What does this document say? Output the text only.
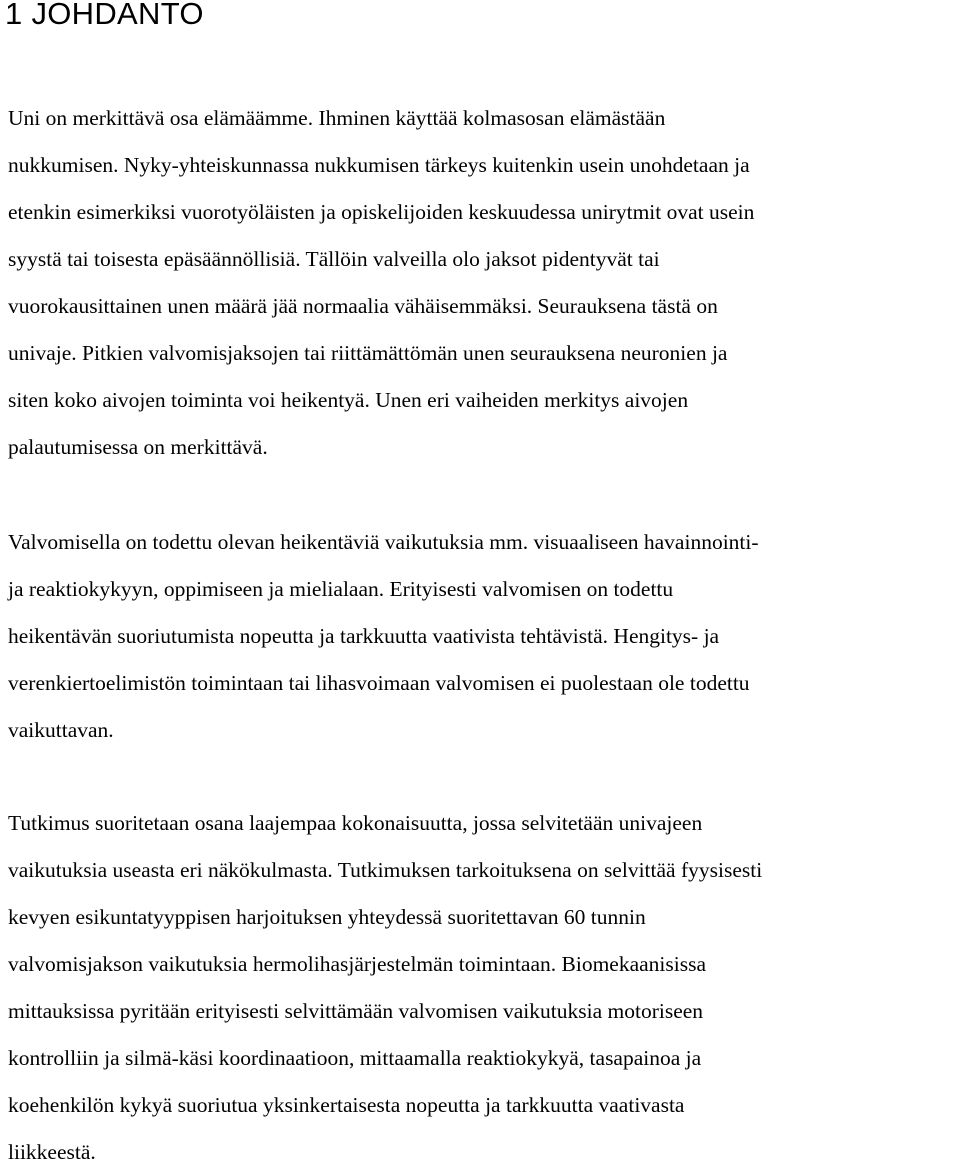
1 JOHDANTO
Uni on merkittävä osa elämäämme. Ihminen käyttää kolmasosan elämästään
nukkumisen. Nyky-yhteiskunnassa nukkumisen tärkeys kuitenkin usein unohdetaan ja
etenkin esimerkiksi vuorotyöläisten ja opiskelijoiden keskuudessa unirytmit ovat usein
syystä tai toisesta epäsäännöllisiä. Tällöin valveilla olo jaksot pidentyvät tai
vuorokausittainen unen määrä jää normaalia vähäisemmäksi. Seurauksena tästä on
univaje. Pitkien valvomisjaksojen tai riittämättömän unen seurauksena neuronien ja
siten koko aivojen toiminta voi heikentyä. Unen eri vaiheiden merkitys aivojen
palautumisessa on merkittävä.
Valvomisella on todettu olevan heikentäviä vaikutuksia mm. visuaaliseen havainnointi-
ja reaktiokykyyn, oppimiseen ja mielialaan. Erityisesti valvomisen on todettu
heikentävän suoriutumista nopeutta ja tarkkuutta vaativista tehtävistä. Hengitys- ja
verenkiertoelimistön toimintaan tai lihasvoimaan valvomisen ei puolestaan ole todettu
vaikuttavan.
Tutkimus suoritetaan osana laajempaa kokonaisuutta, jossa selvitetään univajeen
vaikutuksia useasta eri näkökulmasta. Tutkimuksen tarkoituksena on selvittää fyysisesti
kevyen esikuntatyyppisen harjoituksen yhteydessä suoritettavan 60 tunnin
valvomisjakson vaikutuksia hermolihasjärjestelmän toimintaan. Biomekaanisissa
mittauksissa pyritään erityisesti selvittämään valvomisen vaikutuksia motoriseen
kontrolliin ja silmä-käsi koordinaatioon, mittaamalla reaktiokykyä, tasapainoa ja
koehenkilön kykyä suoriutua yksinkertaisesta nopeutta ja tarkkuutta vaativasta
liikkeestä.
